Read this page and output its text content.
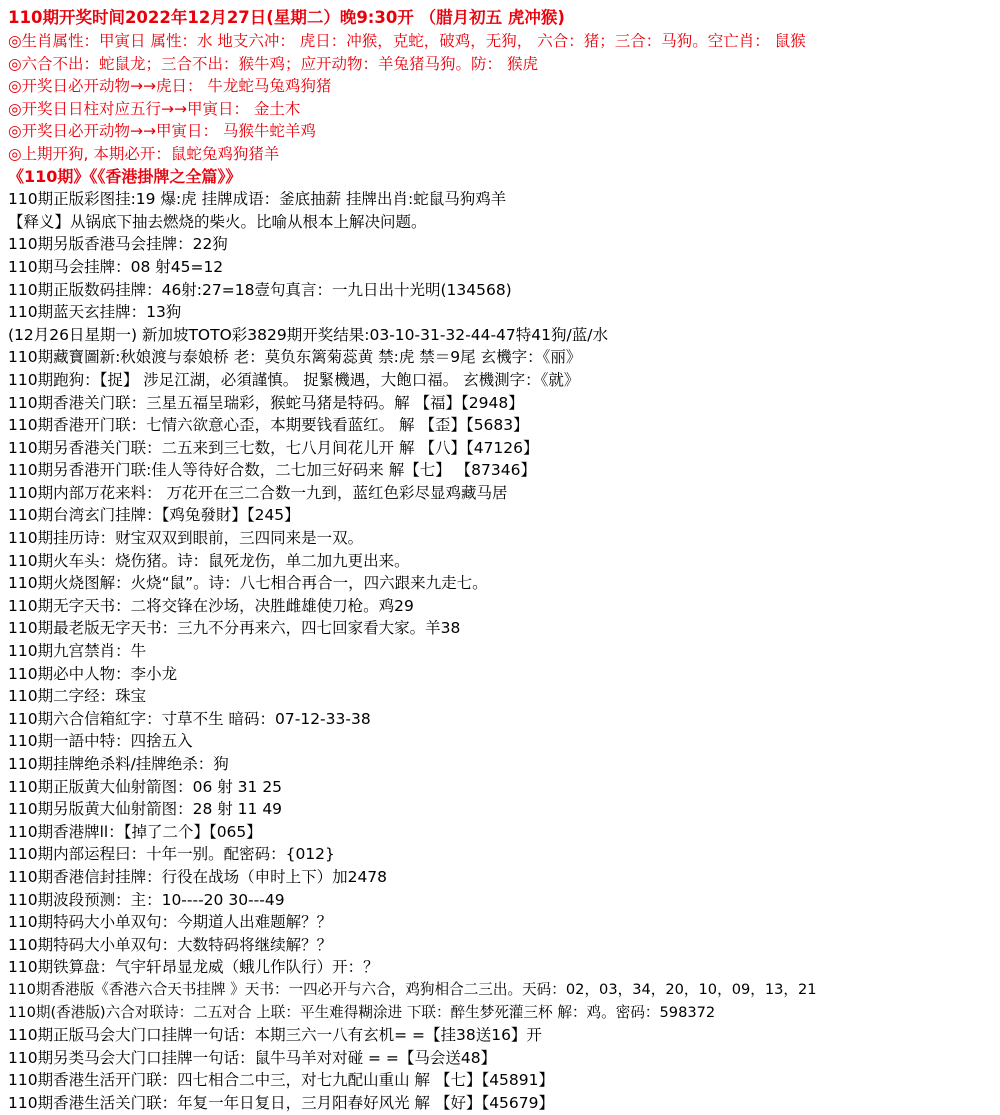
110期开奖时间2022年12月27日(星期二）晚9:30开 （腊月初五 虎冲猴)
◎生肖属性：甲寅日 属性：水 地支六冲： 虎日：冲猴，克蛇，破鸡，无狗， 六合：猪；三合：马狗。空亡肖： 鼠猴
◎六合不出：蛇鼠龙；三合不出：猴牛鸡；应开动物：羊兔猪马狗。防： 猴虎
◎开奖日必开动物→→虎日： 牛龙蛇马兔鸡狗猪
◎开奖日日柱对应五行→→甲寅日： 金土木
◎开奖日必开动物→→甲寅日： 马猴牛蛇羊鸡
◎上期开狗, 本期必开：鼠蛇兔鸡狗猪羊
《110期》《《香港掛牌之全篇》》
110期正版彩图挂:19 爆:虎 挂牌成语：釜底抽薪 挂牌出肖:蛇鼠马狗鸡羊
【释义】从锅底下抽去燃烧的柴火。比喻从根本上解决问题。
110期另版香港马会挂牌：22狗
110期马会挂牌：08 射45=12
110期正版数码挂牌：46射:27=18壹句真言：一九日出十光明(134568)
110期蓝天玄挂牌：13狗
(12月26日星期一) 新加坡TOTO彩3829期开奖结果:03-10-31-32-44-47特41狗/蓝/水
110期藏寶圖新:秋娘渡与泰娘桥 老：莫负东篱菊蕊黄 禁:虎 禁＝9尾 玄機字：《丽》
110期跑狗：【捉】 涉足江湖，必須謹慎。 捉緊機遇，大飽口福。 玄機測字：《就》
110期香港关门联：三星五福呈瑞彩，猴蛇马猪是特码。解 【福】【2948】
110期香港开门联：七情六欲意心歪，本期要钱看蓝红。 解 【歪】【5683】
110期另香港关门联：二五来到三七数，七八月间花儿开 解 【八】【47126】
110期另香港开门联:佳人等待好合数，二七加三好码来 解【七】 【87346】
110期内部万花来料： 万花开在三二合数一九到，蓝红色彩尽显鸡藏马居
110期台湾玄门挂牌：【鸡兔發財】【245】
110期挂历诗：财宝双双到眼前，三四同来是一双。
110期火车头：烧伤猪。诗：鼠死龙伤，单二加九更出来。
110期火烧图解：火烧“鼠”。诗：八七相合再合一，四六跟来九走七。
110期无字天书：二将交锋在沙场，决胜雌雄使刀枪。鸡29
110期最老版无字天书：三九不分再来六，四七回家看大家。羊38
110期九宫禁肖：牛
110期必中人物：李小龙
110期二字经：珠宝
110期六合信箱紅字：寸草不生 暗码：07-12-33-38
110期一語中特：四捨五入
110期挂牌绝杀料/挂牌绝杀：狗
110期正版黄大仙射箭图：06 射 31 25
110期另版黄大仙射箭图：28 射 11 49
110期香港牌ll：【掉了二个】【065】
110期内部运程曰：十年一别。配密码：{012}
110期香港信封挂牌：行役在战场（申时上下）加2478
110期波段预测：主：10----20 30---49
110期特码大小单双句：今期道人出难题解？？
110期特码大小单双句：大数特码将继续解？？
110期铁算盘：气宇轩昂显龙威（蛾儿作队行）开：？
110期香港版《香港六合天书挂牌 》天书：一四必开与六合，鸡狗相合二三出。天码：02，03，34，20，10，09，13，21
110期(香港版)六合对联诗：二五对合 上联：平生难得糊涂进 下联：醉生梦死灌三杯 解：鸡。密码：598372
110期正版马会大门口挂牌一句话：本期三六一八有玄机= =【挂38送16】开
110期另类马会大门口挂牌一句话：鼠牛马羊对对碰 = =【马会送48】
110期香港生活开门联：四七相合二中三，对七九配山重山 解 【七】【45891】
110期香港生活关门联：年复一年日复日，三月阳春好风光 解 【好】【45679】
